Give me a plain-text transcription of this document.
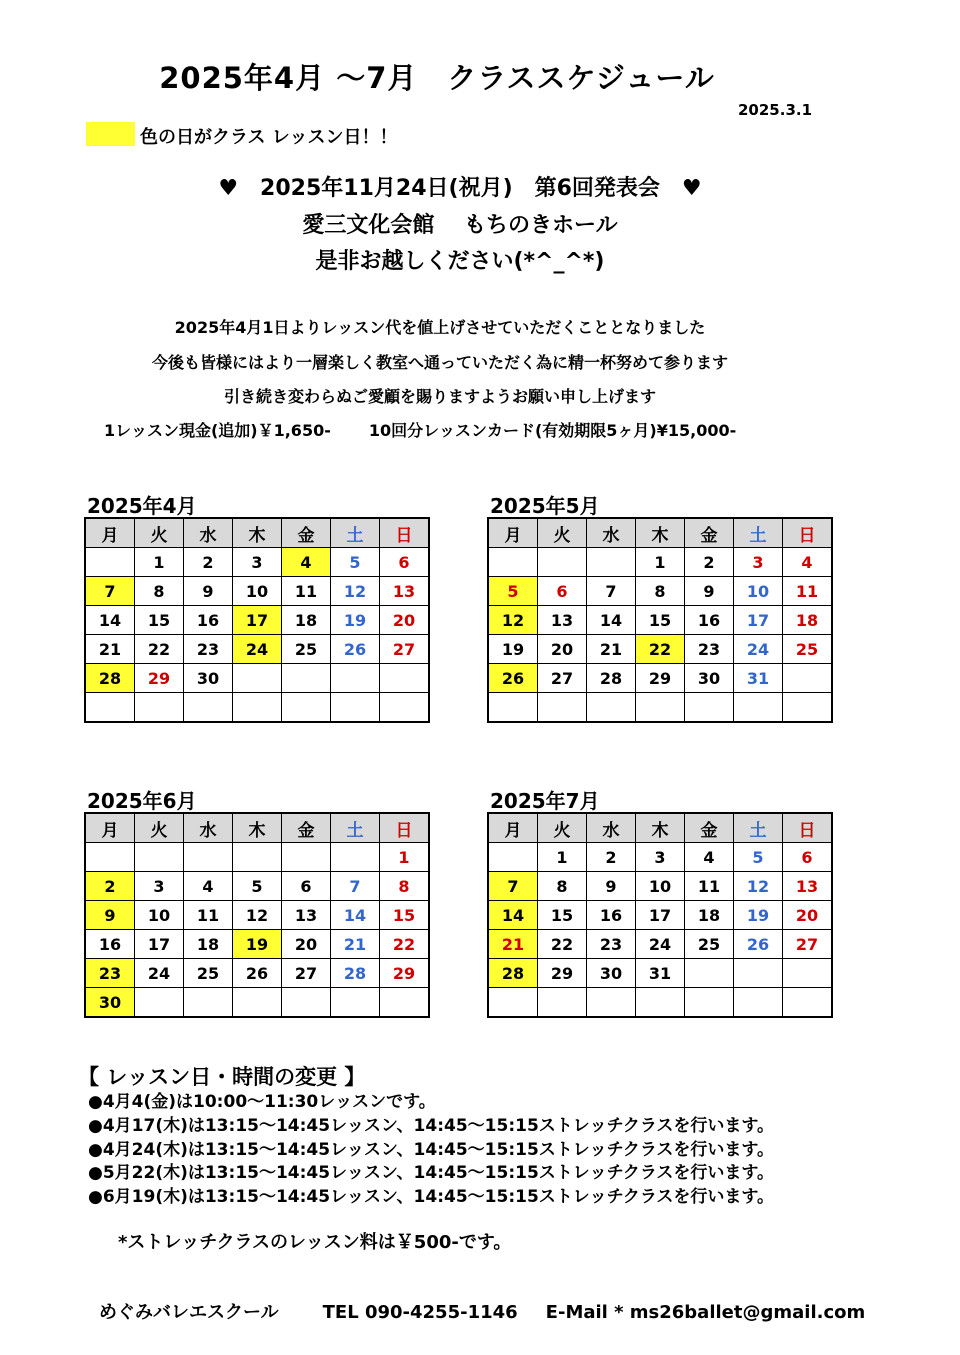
2025年4月 ～7月　クラススケジュール
2025.3.1
色の日がクラス レッスン日！！
♥　2025年11月24日(祝月)　第6回発表会　♥
愛三文化会館　 もちのきホール
是非お越しください(*^_^*)
2025年4月1日よりレッスン代を値上げさせていただくこととなりました
今後も皆様にはより一層楽しく教室へ通っていただく為に精一杯努めて参ります
引き続き変わらぬご愛顧を賜りますようお願い申し上げます
1レッスン現金(追加)￥1,650- 10回分レッスンカード(有効期限5ヶ月)¥15,000-
2025年4月
月	火	水	木	金	土	日
	1	2	3	4	5	6
7	8	9	10	11	12	13
14	15	16	17	18	19	20
21	22	23	24	25	26	27
28	29	30				

2025年5月
月	火	水	木	金	土	日
			1	2	3	4
5	6	7	8	9	10	11
12	13	14	15	16	17	18
19	20	21	22	23	24	25
26	27	28	29	30	31	

2025年6月
月	火	水	木	金	土	日
						1
2	3	4	5	6	7	8
9	10	11	12	13	14	15
16	17	18	19	20	21	22
23	24	25	26	27	28	29
30						
2025年7月
月	火	水	木	金	土	日
	1	2	3	4	5	6
7	8	9	10	11	12	13
14	15	16	17	18	19	20
21	22	23	24	25	26	27
28	29	30	31			

【 レッスン日・時間の変更 】
●4月4(金)は10:00～11:30レッスンです。
●4月17(木)は13:15～14:45レッスン、14:45～15:15ストレッチクラスを行います。
●4月24(木)は13:15～14:45レッスン、14:45～15:15ストレッチクラスを行います。
●5月22(木)は13:15～14:45レッスン、14:45～15:15ストレッチクラスを行います。
●6月19(木)は13:15～14:45レッスン、14:45～15:15ストレッチクラスを行います。
*ストレッチクラスのレッスン料は￥500-です。
めぐみバレエスクール TEL 090-4255-1146 E-Mail * ms26ballet@gmail.com
